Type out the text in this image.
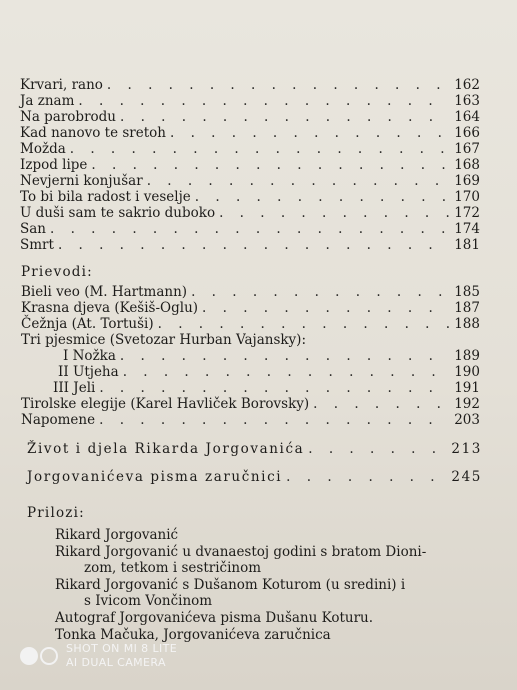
Krvari, rano . . .	162
Ja znam . . .	163
Na parobrodu . . .	164
Kad nanovo te sretoh . . .	166
Možda . . .	167
Izpod lipe . . .	168
Nevjerni konjušar . . .	169
To bi bila radost i veselje . . .	170
U duši sam te sakrio duboko . . .	172
San . . .	174
Smrt . . .	181
Prievodi:
Bieli veo (M. Hartmann) . . .	185
Krasna djeva (Kešiš-Oglu) . . .	187
Čežnja (At. Tortuši) . . .	188
Tri pjesmice (Svetozar Hurban Vajansky):
I Nožka . . .	189
II Utjeha . . .	190
III Jeli . . .	191
Tirolske elegije (Karel Havliček Borovsky) . . .	192
Napomene . . .	203
Život i djela Rikarda Jorgovanića . . .	213
Jorgovanićeva pisma zaručnici . . .	245
Prilozi:
Rikard Jorgovanić
Rikard Jorgovanić u dvanaestoj godini s bratom Dioni-
zom, tetkom i sestričinom
Rikard Jorgovanić s Dušanom Koturom (u sredini) i
s Ivicom Vončinom
Autograf Jorgovanićeva pisma Dušanu Koturu.
Tonka Mačuka, Jorgovanićeva zaručnica
SHOT ON MI 8 LITE
AI DUAL CAMERA
